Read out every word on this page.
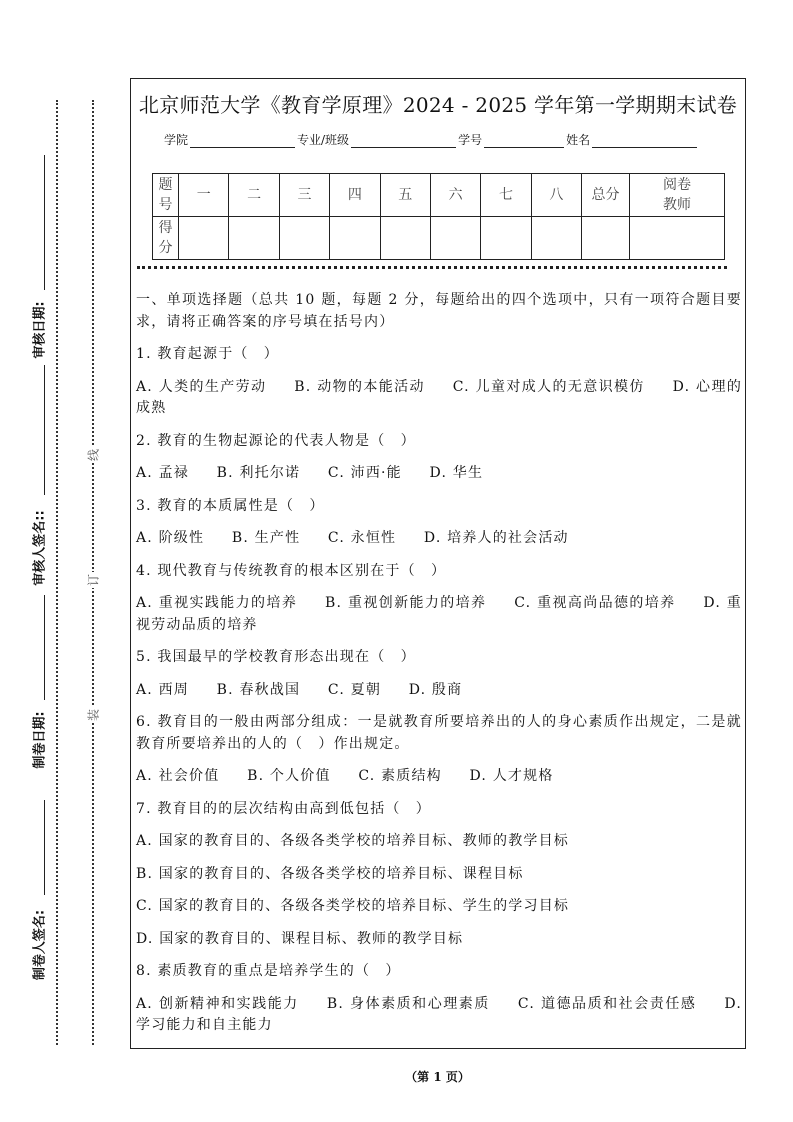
审核日期:
审核人签名::
制卷日期:
制卷人签名:
线
订
装
北京师范大学《教育学原理》2024 - 2025 学年第一学期期末试卷
学院	专业/班级	学号	姓名
题
号	一	二	三	四	五	六	七	八	总分	阅卷
教师
得
分										

一、单项选择题（总共 10 题，每题 2 分，每题给出的四个选项中，只有一项符合题目要求，请将正确答案的序号填在括号内）

1. 教育起源于（　）

A. 人类的生产劳动 B. 动物的本能活动 C. 儿童对成人的无意识模仿 D. 心理的成熟

2. 教育的生物起源论的代表人物是（　）

A. 孟禄 B. 利托尔诺 C. 沛西·能 D. 华生

3. 教育的本质属性是（　）

A. 阶级性 B. 生产性 C. 永恒性 D. 培养人的社会活动

4. 现代教育与传统教育的根本区别在于（　）

A. 重视实践能力的培养 B. 重视创新能力的培养 C. 重视高尚品德的培养 D. 重视劳动品质的培养

5. 我国最早的学校教育形态出现在（　）

A. 西周 B. 春秋战国 C. 夏朝 D. 殷商

6. 教育目的一般由两部分组成：一是就教育所要培养出的人的身心素质作出规定，二是就教育所要培养出的人的（　）作出规定。

A. 社会价值 B. 个人价值 C. 素质结构 D. 人才规格

7. 教育目的的层次结构由高到低包括（　）

A. 国家的教育目的、各级各类学校的培养目标、教师的教学目标

B. 国家的教育目的、各级各类学校的培养目标、课程目标

C. 国家的教育目的、各级各类学校的培养目标、学生的学习目标

D. 国家的教育目的、课程目标、教师的教学目标

8. 素质教育的重点是培养学生的（　）

A. 创新精神和实践能力 B. 身体素质和心理素质 C. 道德品质和社会责任感 D. 学习能力和自主能力

（第 1 页）
